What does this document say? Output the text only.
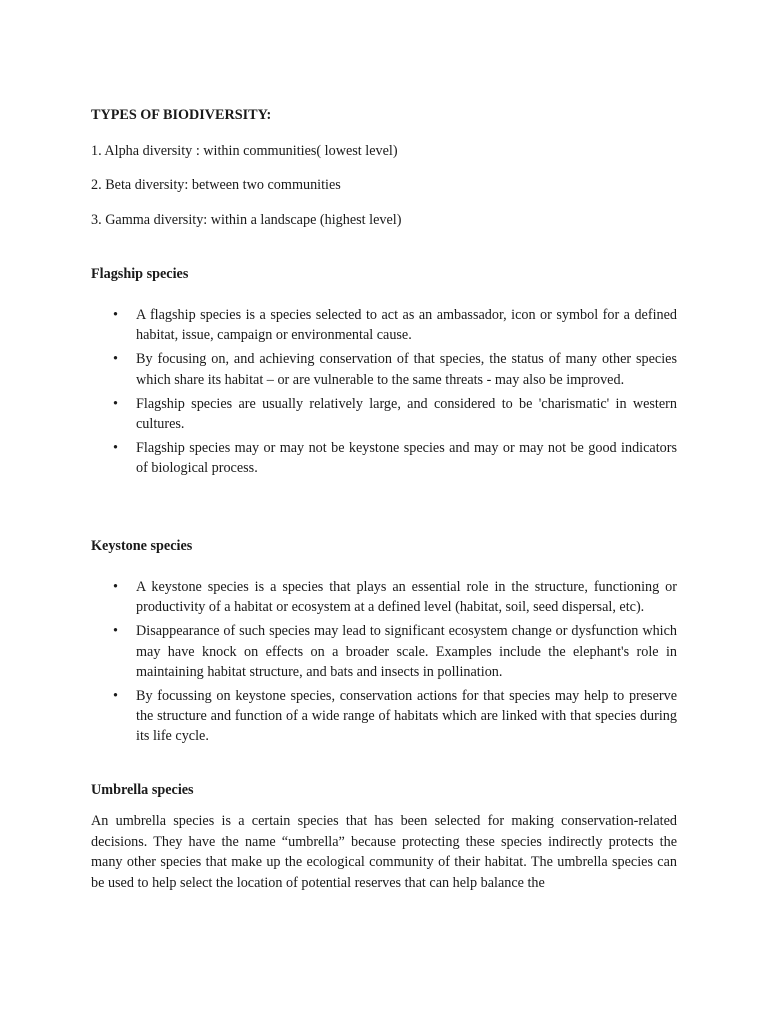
TYPES OF BIODIVERSITY:
1. Alpha diversity : within communities( lowest level)
2. Beta diversity: between two communities
3. Gamma diversity: within a landscape (highest level)
Flagship species
• A flagship species is a species selected to act as an ambassador, icon or symbol for a defined habitat, issue, campaign or environmental cause.
• By focusing on, and achieving conservation of that species, the status of many other species which share its habitat – or are vulnerable to the same threats - may also be improved.
• Flagship species are usually relatively large, and considered to be 'charismatic' in western cultures.
• Flagship species may or may not be keystone species and may or may not be good indicators of biological process.
Keystone species
• A keystone species is a species that plays an essential role in the structure, functioning or productivity of a habitat or ecosystem at a defined level (habitat, soil, seed dispersal, etc).
• Disappearance of such species may lead to significant ecosystem change or dysfunction which may have knock on effects on a broader scale. Examples include the elephant's role in maintaining habitat structure, and bats and insects in pollination.
• By focussing on keystone species, conservation actions for that species may help to preserve the structure and function of a wide range of habitats which are linked with that species during its life cycle.
Umbrella species

An umbrella species is a certain species that has been selected for making conservation-related decisions. They have the name “umbrella” because protecting these species indirectly protects the many other species that make up the ecological community of their habitat. The umbrella species can be used to help select the location of potential reserves that can help balance the
